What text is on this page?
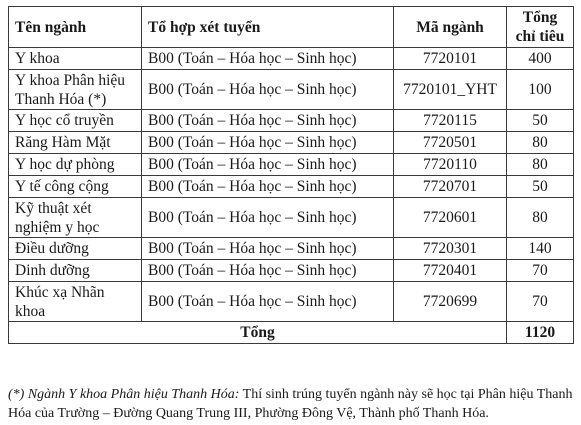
Tên ngành	Tổ hợp xét tuyển	Mã ngành	Tổng chỉ tiêu
Y khoa	B00 (Toán – Hóa học – Sinh học)	7720101	400
Y khoa Phân hiệu Thanh Hóa (*)	B00 (Toán – Hóa học – Sinh học)	7720101_YHT	100
Y học cổ truyền	B00 (Toán – Hóa học – Sinh học)	7720115	50
Răng Hàm Mặt	B00 (Toán – Hóa học – Sinh học)	7720501	80
Y học dự phòng	B00 (Toán – Hóa học – Sinh học)	7720110	80
Y tế công cộng	B00 (Toán – Hóa học – Sinh học)	7720701	50
Kỹ thuật xét nghiệm y học	B00 (Toán – Hóa học – Sinh học)	7720601	80
Điều dưỡng	B00 (Toán – Hóa học – Sinh học)	7720301	140
Dinh dưỡng	B00 (Toán – Hóa học – Sinh học)	7720401	70
Khúc xạ Nhãn khoa	B00 (Toán – Hóa học – Sinh học)	7720699	70
Tổng			1120
(*) Ngành Y khoa Phân hiệu Thanh Hóa: Thí sinh trúng tuyển ngành này sẽ học tại Phân hiệu Thanh Hóa của Trường – Đường Quang Trung III, Phường Đông Vệ, Thành phố Thanh Hóa.
